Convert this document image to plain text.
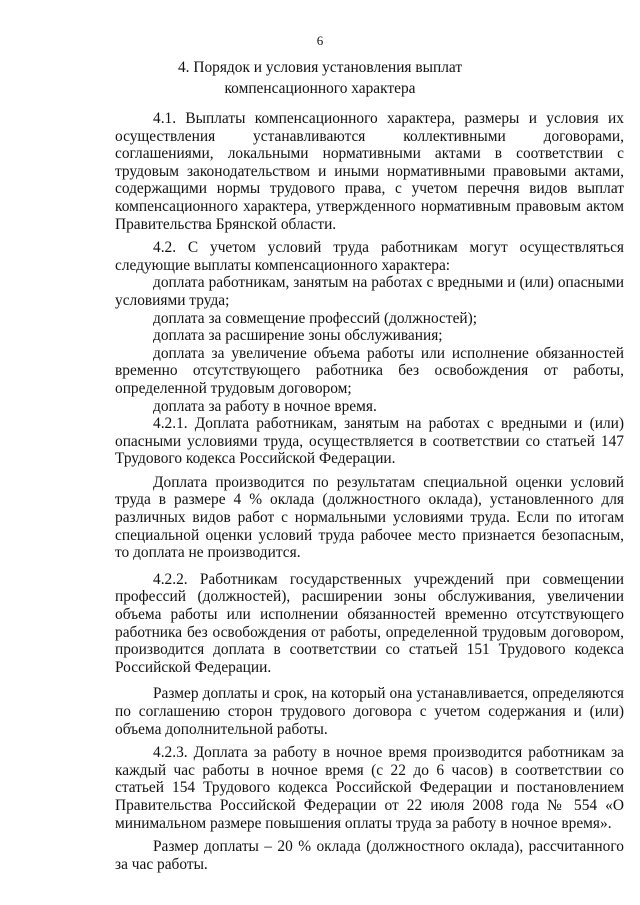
6
4. Порядок и условия установления выплат
компенсационного характера

4.1. Выплаты компенсационного характера, размеры и условия их осуществления устанавливаются коллективными договорами, соглашениями, локальными нормативными актами в соответствии с трудовым законодательством и иными нормативными правовыми актами, содержащими нормы трудового права, с учетом перечня видов выплат компенсационного характера, утвержденного нормативным правовым актом Правительства Брянской области.

4.2. С учетом условий труда работникам могут осуществляться следующие выплаты компенсационного характера:

доплата работникам, занятым на работах с вредными и (или) опасными условиями труда;

доплата за совмещение профессий (должностей);

доплата за расширение зоны обслуживания;

доплата за увеличение объема работы или исполнение обязанностей временно отсутствующего работника без освобождения от работы, определенной трудовым договором;

доплата за работу в ночное время.

4.2.1. Доплата работникам, занятым на работах с вредными и (или) опасными условиями труда, осуществляется в соответствии со статьей 147 Трудового кодекса Российской Федерации.

Доплата производится по результатам специальной оценки условий труда в размере 4 % оклада (должностного оклада), установленного для различных видов работ с нормальными условиями труда. Если по итогам специальной оценки условий труда рабочее место признается безопасным, то доплата не производится.

4.2.2. Работникам государственных учреждений при совмещении профессий (должностей), расширении зоны обслуживания, увеличении объема работы или исполнении обязанностей временно отсутствующего работника без освобождения от работы, определенной трудовым договором, производится доплата в соответствии со статьей 151 Трудового кодекса Российской Федерации.

Размер доплаты и срок, на который она устанавливается, определяются по соглашению сторон трудового договора с учетом содержания и (или) объема дополнительной работы.

4.2.3. Доплата за работу в ночное время производится работникам за каждый час работы в ночное время (с 22 до 6 часов) в соответствии со статьей 154 Трудового кодекса Российской Федерации и постановлением Правительства Российской Федерации от 22 июля 2008 года № 554 «О минимальном размере повышения оплаты труда за работу в ночное время».

Размер доплаты – 20 % оклада (должностного оклада), рассчитанного за час работы.
